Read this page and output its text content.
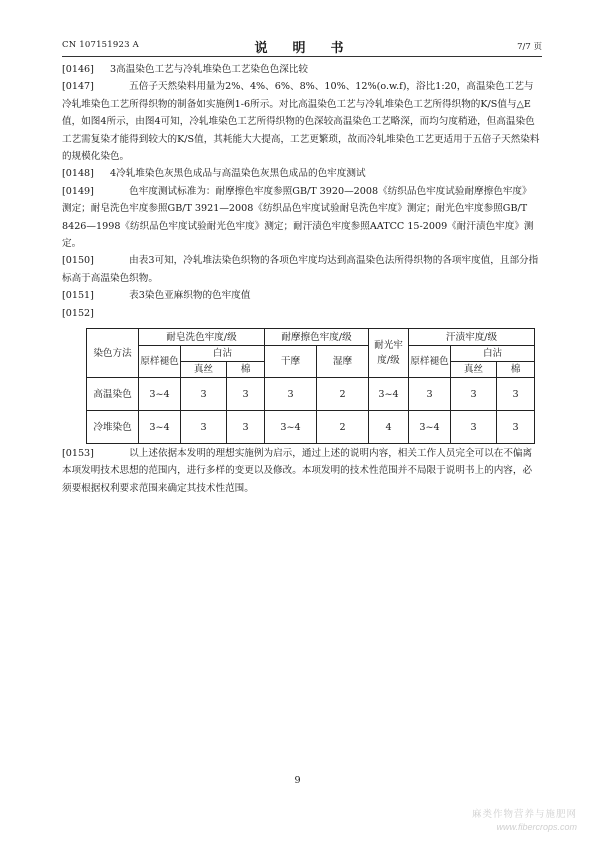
CN 107151923 A	说　明　书	7/7 页

[0146] 3高温染色工艺与冷轧堆染色工艺染色色深比较

[0147]　　五倍子天然染料用量为2%、4%、6%、8%、10%、12%(o.w.f)，浴比1:20，高温染色工艺与冷轧堆染色工艺所得织物的制备如实施例1-6所示。对比高温染色工艺与冷轧堆染色工艺所得织物的K/S值与△E值，如图4所示，由图4可知，冷轧堆染色工艺所得织物的色深较高温染色工艺略深，而均匀度稍逊，但高温染色工艺需复染才能得到较大的K/S值，其耗能大大提高，工艺更繁琐，故而冷轧堆染色工艺更适用于五倍子天然染料的规模化染色。

[0148] 4冷轧堆染色灰黑色成品与高温染色灰黑色成品的色牢度测试

[0149]　　色牢度测试标准为：耐摩擦色牢度参照GB/T 3920—2008《纺织品色牢度试验耐摩擦色牢度》测定；耐皂洗色牢度参照GB/T 3921—2008《纺织品色牢度试验耐皂洗色牢度》测定；耐光色牢度参照GB/T 8426—1998《纺织品色牢度试验耐光色牢度》测定；耐汗渍色牢度参照AATCC 15-2009《耐汗渍色牢度》测定。

[0150]　　由表3可知，冷轧堆法染色织物的各项色牢度均达到高温染色法所得织物的各项牢度值，且部分指标高于高温染色织物。

[0151]　　表3染色亚麻织物的色牢度值

[0152]

染色方法	耐皂洗色牢度/级			耐摩擦色牢度/级		耐光牢度/级	汗渍牢度/级		
	原样褪色	白沾		干摩	湿摩		原样褪色	白沾	
		真丝	棉					真丝	棉
高温染色	3~4	3	3	3	2	3~4	3	3	3
冷堆染色	3~4	3	3	3~4	2	4	3~4	3	3

[0153]　　以上述依据本发明的理想实施例为启示，通过上述的说明内容，相关工作人员完全可以在不偏离本项发明技术思想的范围内，进行多样的变更以及修改。本项发明的技术性范围并不局限于说明书上的内容，必须要根据权利要求范围来确定其技术性范围。

9
麻类作物营养与施肥网
www.fibercrops.com
